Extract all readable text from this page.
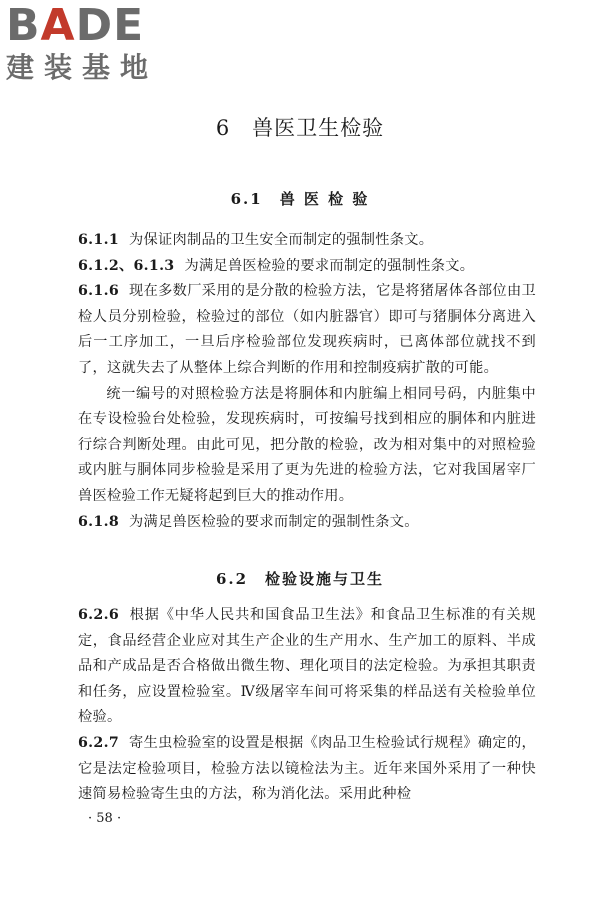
BADE
建装基地
6　兽医卫生检验
6.1　兽 医 检 验

6.1.1 为保证肉制品的卫生安全而制定的强制性条文。

6.1.2、6.1.3 为满足兽医检验的要求而制定的强制性条文。

6.1.6 现在多数厂采用的是分散的检验方法，它是将猪屠体各部位由卫检人员分别检验，检验过的部位（如内脏器官）即可与猪胴体分离进入后一工序加工，一旦后序检验部位发现疾病时，已离体部位就找不到了，这就失去了从整体上综合判断的作用和控制疫病扩散的可能。

统一编号的对照检验方法是将胴体和内脏编上相同号码，内脏集中在专设检验台处检验，发现疾病时，可按编号找到相应的胴体和内脏进行综合判断处理。由此可见，把分散的检验，改为相对集中的对照检验或内脏与胴体同步检验是采用了更为先进的检验方法，它对我国屠宰厂兽医检验工作无疑将起到巨大的推动作用。

6.1.8 为满足兽医检验的要求而制定的强制性条文。

6.2　检验设施与卫生

6.2.6 根据《中华人民共和国食品卫生法》和食品卫生标准的有关规定，食品经营企业应对其生产企业的生产用水、生产加工的原料、半成品和产成品是否合格做出微生物、理化项目的法定检验。为承担其职责和任务，应设置检验室。Ⅳ级屠宰车间可将采集的样品送有关检验单位检验。

6.2.7 寄生虫检验室的设置是根据《肉品卫生检验试行规程》确定的，它是法定检验项目，检验方法以镜检法为主。近年来国外采用了一种快速简易检验寄生虫的方法，称为消化法。采用此种检

· 58 ·
